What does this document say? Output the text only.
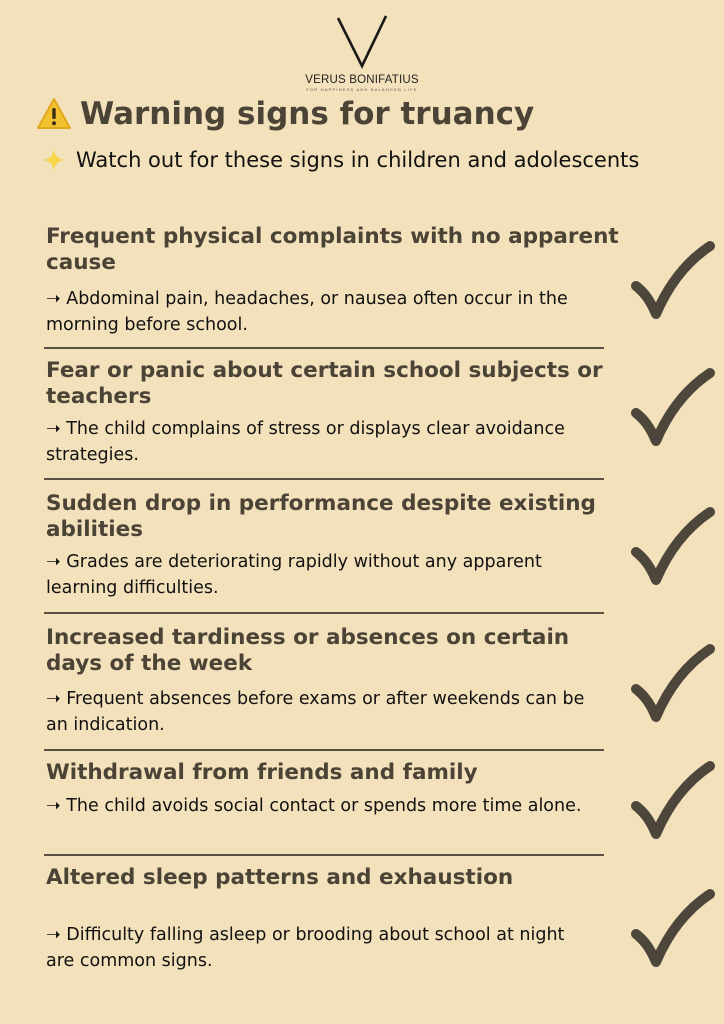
VERUS BONIFATIUS
FOR HAPPINESS AND BALANCED LIFE
Warning signs for truancy
Watch out for these signs in children and adolescents
Frequent physical complaints with no apparent cause
➝ Abdominal pain, headaches, or nausea often occur in the morning before school.
Fear or panic about certain school subjects or teachers
➝ The child complains of stress or displays clear avoidance strategies.
Sudden drop in performance despite existing abilities
➝ Grades are deteriorating rapidly without any apparent learning difficulties.
Increased tardiness or absences on certain days of the week
➝ Frequent absences before exams or after weekends can be an indication.
Withdrawal from friends and family
➝ The child avoids social contact or spends more time alone.
Altered sleep patterns and exhaustion
➝ Difficulty falling asleep or brooding about school at night are common signs.
